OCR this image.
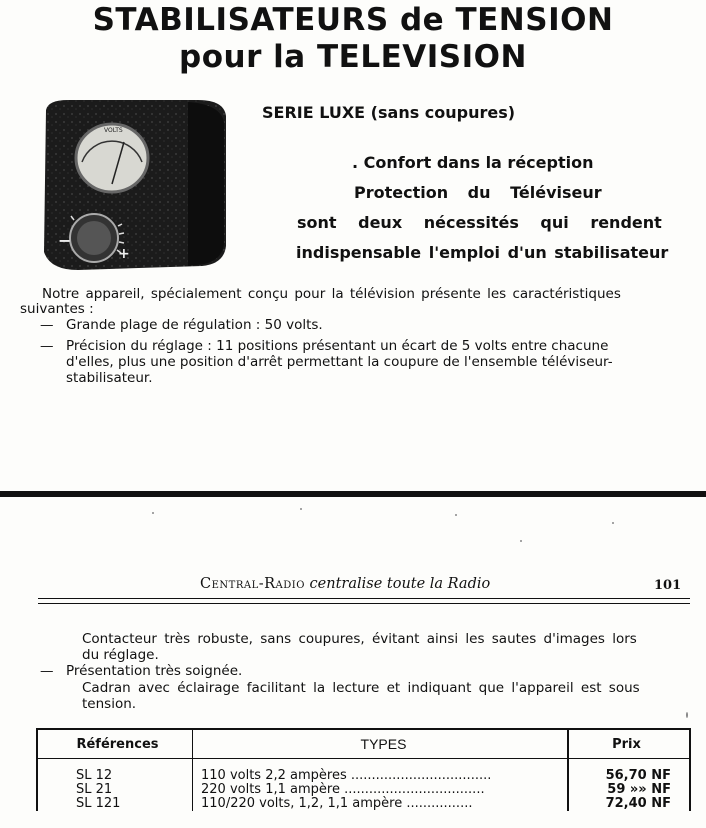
STABILISATEURS de TENSION
pour la TELEVISION
VOLTS
−
+
SERIE LUXE (sans coupures)
. Confort dans la réception
Protection du Téléviseur
sont deux nécessités qui rendent
indispensable l'emploi d'un stabilisateur
Notre appareil, spécialement conçu pour la télévision présente les caractéristiques
suivantes :
— Grande plage de régulation : 50 volts.
— Précision du réglage : 11 positions présentant un écart de 5 volts entre chacune
d'elles, plus une position d'arrêt permettant la coupure de l'ensemble téléviseur-
stabilisateur.
Central-Radio centralise toute la Radio	101
Contacteur très robuste, sans coupures, évitant ainsi les sautes d'images lors
du réglage.
— Présentation très soignée.
Cadran avec éclairage facilitant la lecture et indiquant que l'appareil est sous
tension.
Références	TYPES	Prix
SL 12	110 volts 2,2 ampères ..................................	56,70 NF
SL 21	220 volts 1,1 ampère ..................................	59 »» NF
SL 121	110/220 volts, 1,2, 1,1 ampère ................	72,40 NF
